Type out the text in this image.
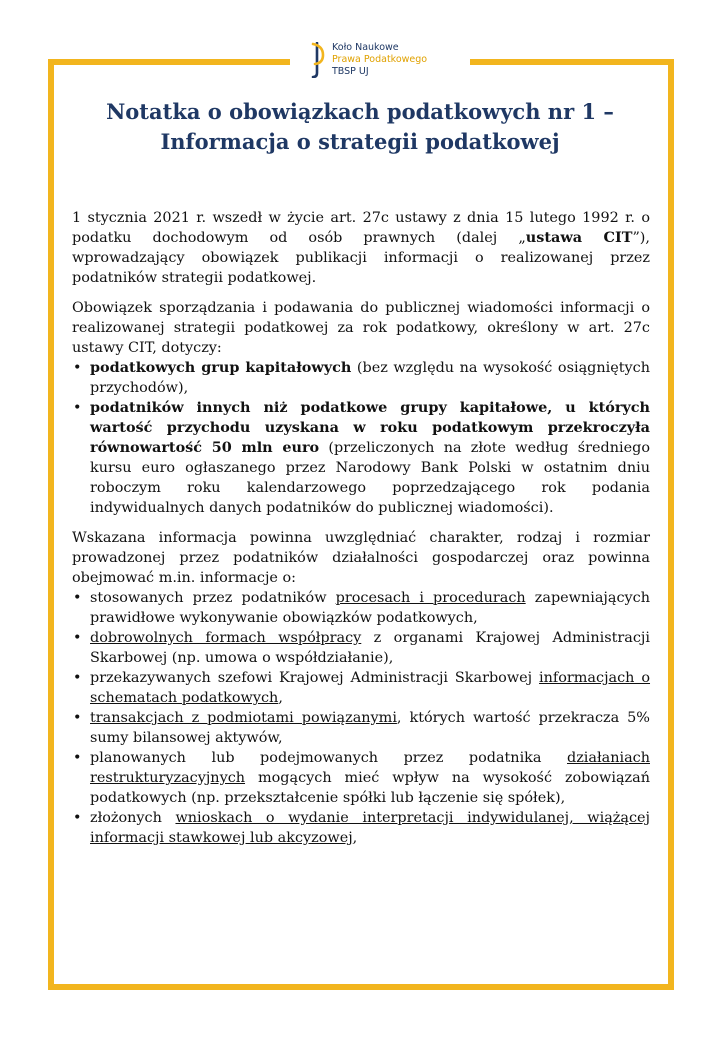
Koło Naukowe
Prawa Podatkowego
TBSP UJ
Notatka o obowiązkach podatkowych nr 1 –
Informacja o strategii podatkowej

1 stycznia 2021 r. wszedł w życie art. 27c ustawy z dnia 15 lutego 1992 r. o podatku dochodowym od osób prawnych (dalej „ustawa CIT”), wprowadzający obowiązek publikacji informacji o realizowanej przez podatników strategii podatkowej.

Obowiązek sporządzania i podawania do publicznej wiadomości informacji o realizowanej strategii podatkowej za rok podatkowy, określony w art. 27c ustawy CIT, dotyczy:

• podatkowych grup kapitałowych (bez względu na wysokość osiągniętych przychodów),
• podatników innych niż podatkowe grupy kapitałowe, u których wartość przychodu uzyskana w roku podatkowym przekroczyła równowartość 50 mln euro (przeliczonych na złote według średniego kursu euro ogłaszanego przez Narodowy Bank Polski w ostatnim dniu roboczym roku kalendarzowego poprzedzającego rok podania indywidualnych danych podatników do publicznej wiadomości).

Wskazana informacja powinna uwzględniać charakter, rodzaj i rozmiar prowadzonej przez podatników działalności gospodarczej oraz powinna obejmować m.in. informacje o:

• stosowanych przez podatników procesach i procedurach zapewniających prawidłowe wykonywanie obowiązków podatkowych,
• dobrowolnych formach współpracy z organami Krajowej Administracji Skarbowej (np. umowa o współdziałanie),
• przekazywanych szefowi Krajowej Administracji Skarbowej informacjach o schematach podatkowych,
• transakcjach z podmiotami powiązanymi, których wartość przekracza 5% sumy bilansowej aktywów,
• planowanych lub podejmowanych przez podatnika działaniach restrukturyzacyjnych mogących mieć wpływ na wysokość zobowiązań podatkowych (np. przekształcenie spółki lub łączenie się spółek),
• złożonych wnioskach o wydanie interpretacji indywidulanej, wiążącej informacji stawkowej lub akcyzowej,
